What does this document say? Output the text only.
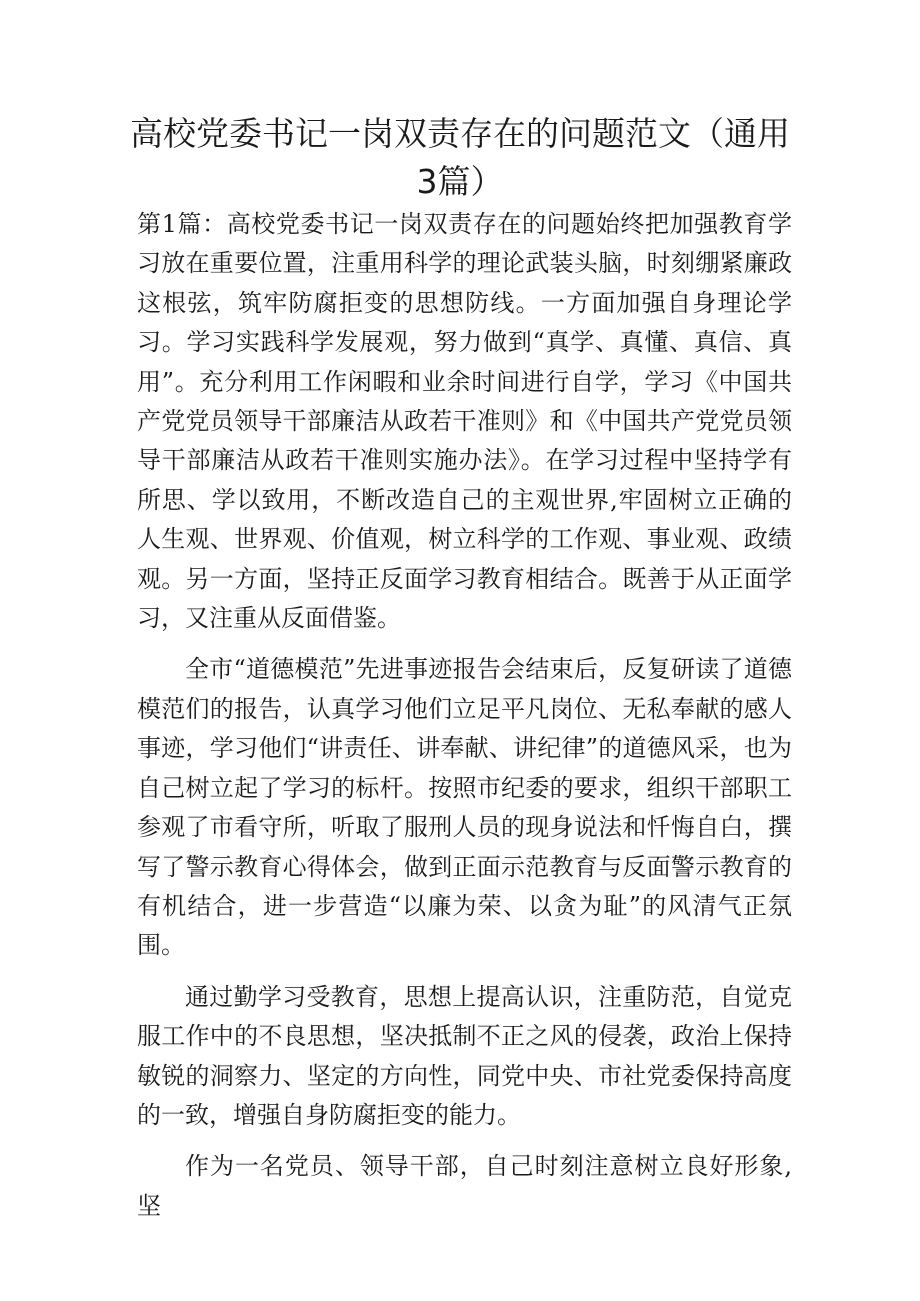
高校党委书记一岗双责存在的问题范文（通用3篇）

第1篇：高校党委书记一岗双责存在的问题始终把加强教育学习放在重要位置，注重用科学的理论武装头脑，时刻绷紧廉政这根弦，筑牢防腐拒变的思想防线。一方面加强自身理论学习。学习实践科学发展观，努力做到“真学、真懂、真信、真用”。充分利用工作闲暇和业余时间进行自学，学习《中国共产党党员领导干部廉洁从政若干准则》和《中国共产党党员领导干部廉洁从政若干准则实施办法》。在学习过程中坚持学有所思、学以致用，不断改造自己的主观世界,牢固树立正确的人生观、世界观、价值观，树立科学的工作观、事业观、政绩观。另一方面，坚持正反面学习教育相结合。既善于从正面学习，又注重从反面借鉴。

全市“道德模范”先进事迹报告会结束后，反复研读了道德模范们的报告，认真学习他们立足平凡岗位、无私奉献的感人事迹，学习他们“讲责任、讲奉献、讲纪律”的道德风采，也为自己树立起了学习的标杆。按照市纪委的要求，组织干部职工参观了市看守所，听取了服刑人员的现身说法和忏悔自白，撰写了警示教育心得体会，做到正面示范教育与反面警示教育的有机结合，进一步营造“以廉为荣、以贪为耻”的风清气正氛围。

通过勤学习受教育，思想上提高认识，注重防范，自觉克服工作中的不良思想，坚决抵制不正之风的侵袭，政治上保持敏锐的洞察力、坚定的方向性，同党中央、市社党委保持高度的一致，增强自身防腐拒变的能力。

作为一名党员、领导干部，自己时刻注意树立良好形象,坚
